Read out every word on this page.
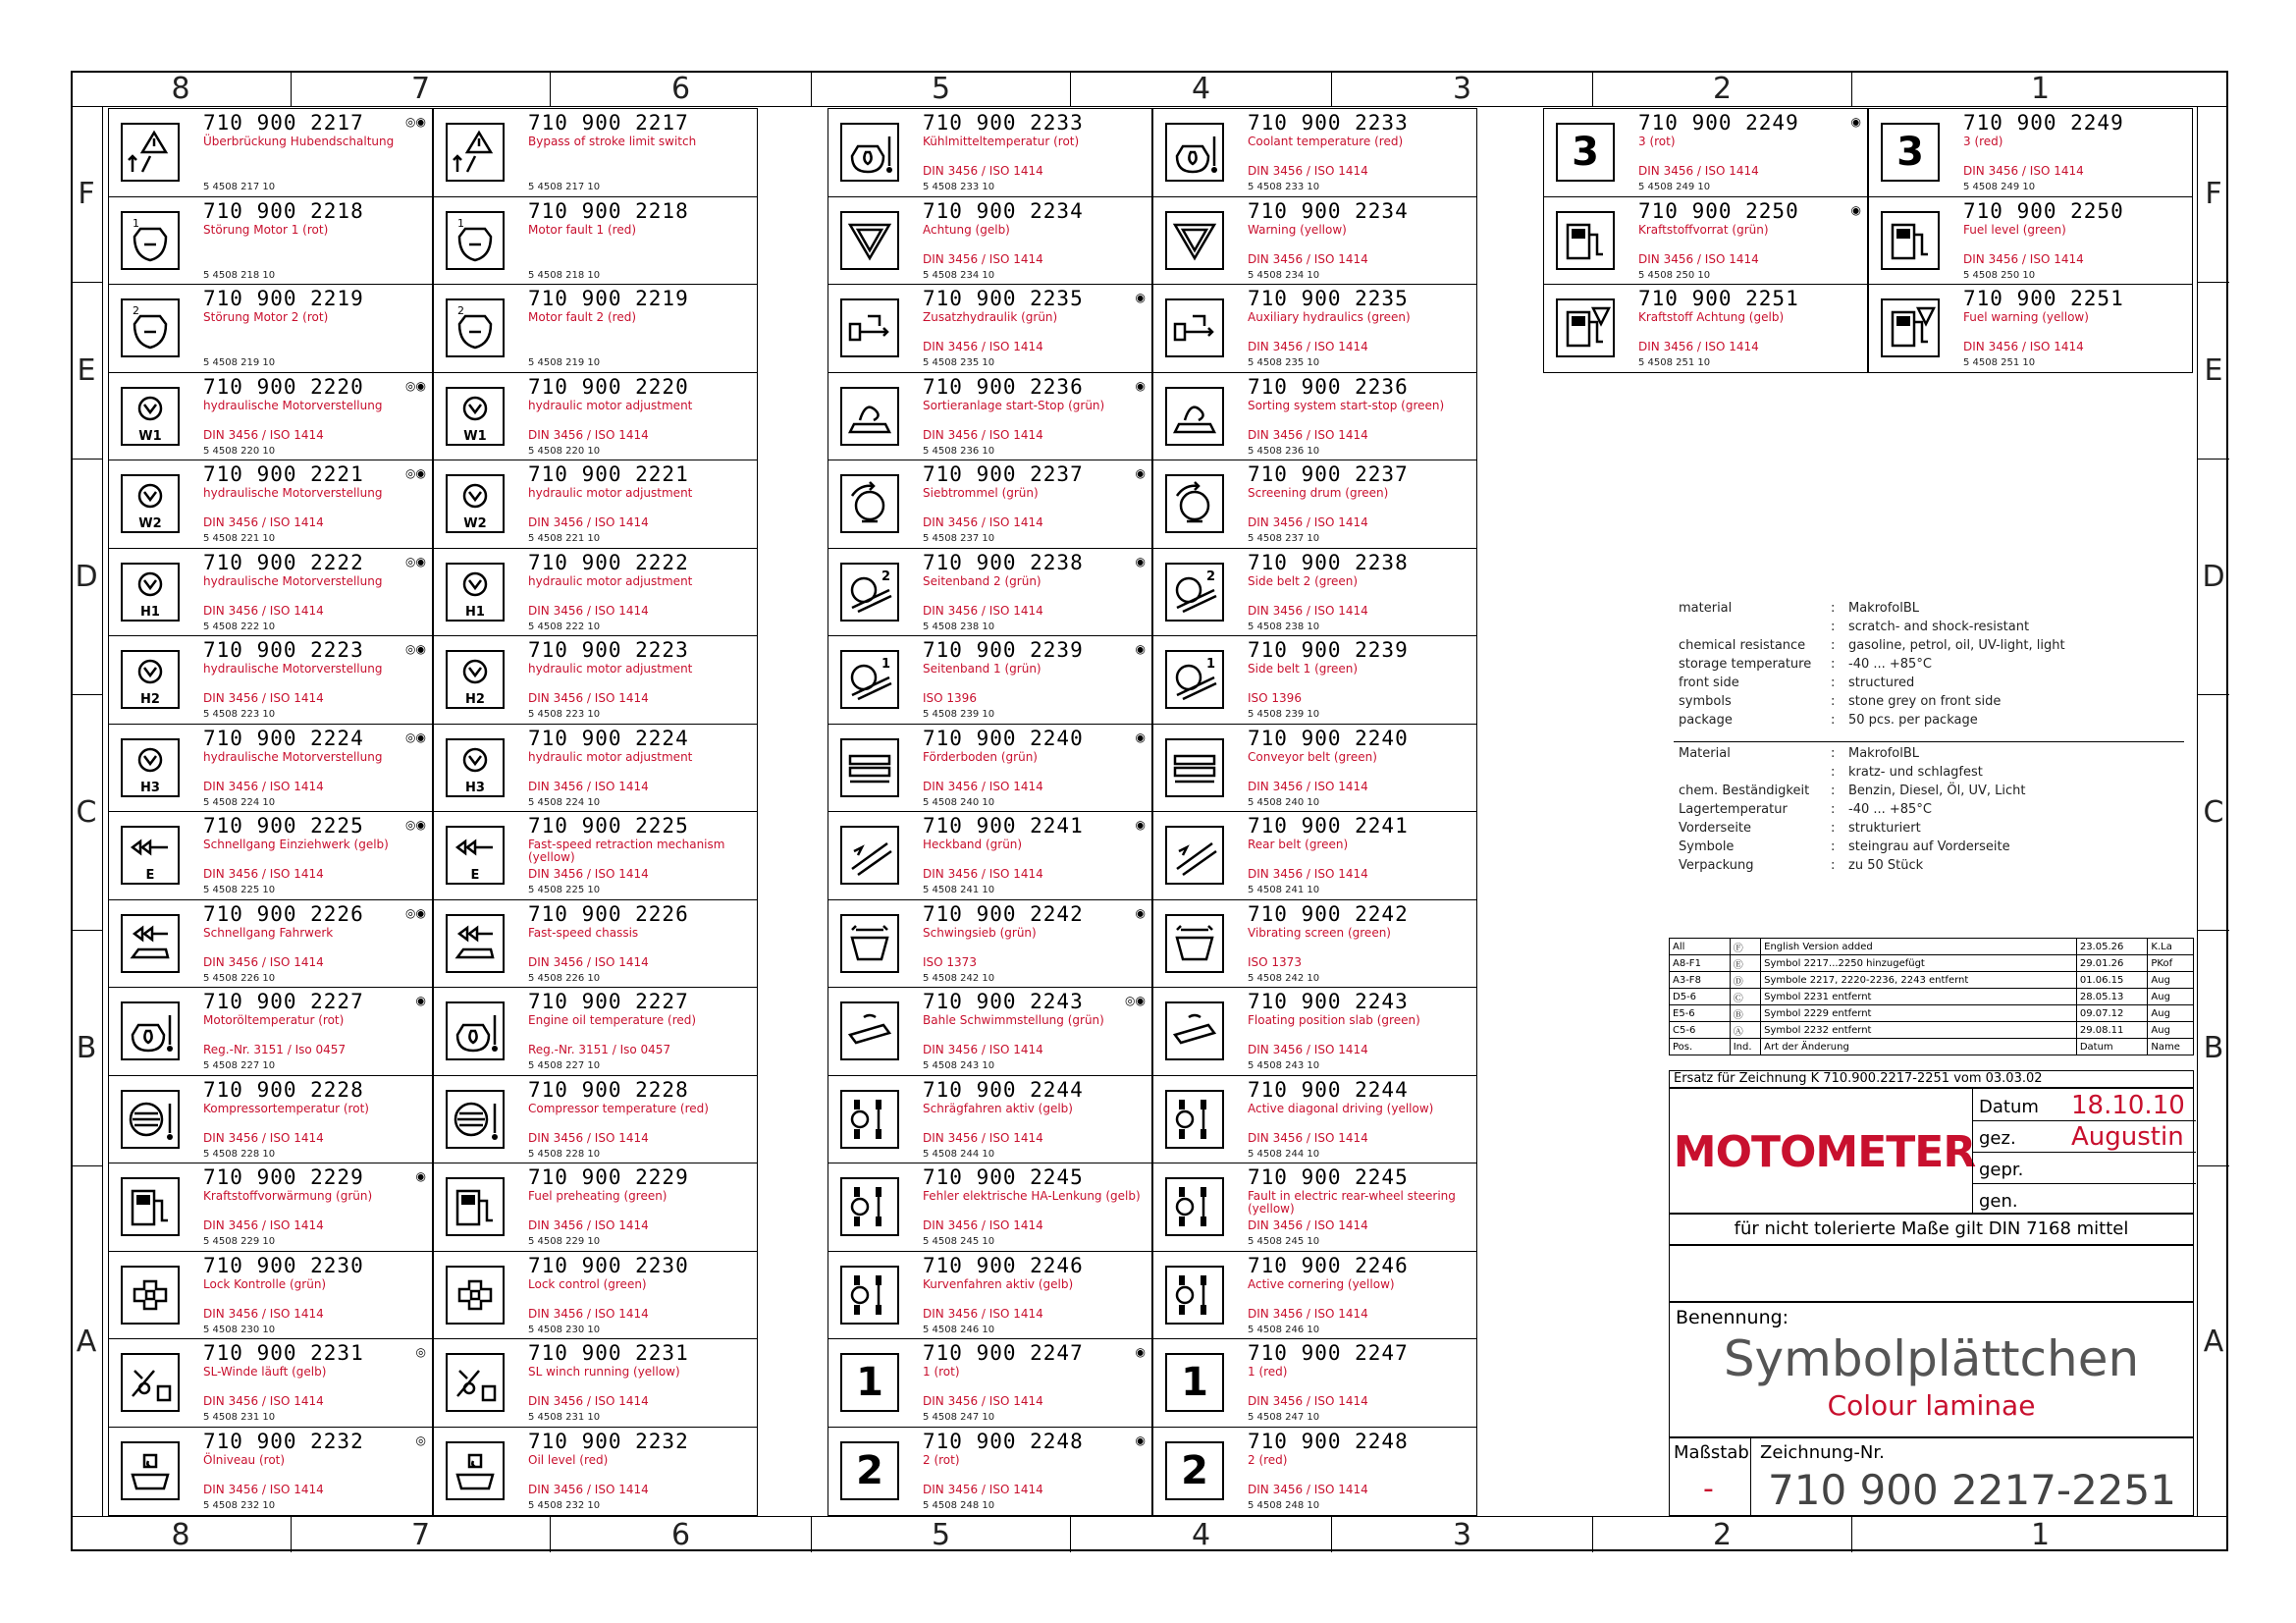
8	7	6	5	4	3	2	1
8	7	6	5	4	3	2	1
F
E
D
C
B
A
F
E
D
C
B
A
710 900 2217	◎◉
Überbrückung Hubendschaltung
5 4508 217 10
1
710 900 2218
Störung Motor 1 (rot)
5 4508 218 10
2
710 900 2219
Störung Motor 2 (rot)
5 4508 219 10
W1
710 900 2220	◎◉
hydraulische Motorverstellung
DIN 3456 / ISO 1414
5 4508 220 10
W2
710 900 2221	◎◉
hydraulische Motorverstellung
DIN 3456 / ISO 1414
5 4508 221 10
H1
710 900 2222	◎◉
hydraulische Motorverstellung
DIN 3456 / ISO 1414
5 4508 222 10
H2
710 900 2223	◎◉
hydraulische Motorverstellung
DIN 3456 / ISO 1414
5 4508 223 10
H3
710 900 2224	◎◉
hydraulische Motorverstellung
DIN 3456 / ISO 1414
5 4508 224 10
E
710 900 2225	◎◉
Schnellgang Einziehwerk (gelb)
DIN 3456 / ISO 1414
5 4508 225 10
710 900 2226	◎◉
Schnellgang Fahrwerk
DIN 3456 / ISO 1414
5 4508 226 10
710 900 2227	◉
Motoröltemperatur (rot)
Reg.-Nr. 3151 / Iso 0457
5 4508 227 10
710 900 2228
Kompressortemperatur (rot)
DIN 3456 / ISO 1414
5 4508 228 10
710 900 2229	◉
Kraftstoffvorwärmung (grün)
DIN 3456 / ISO 1414
5 4508 229 10
710 900 2230
Lock Kontrolle (grün)
DIN 3456 / ISO 1414
5 4508 230 10
710 900 2231	◎
SL-Winde läuft (gelb)
DIN 3456 / ISO 1414
5 4508 231 10
710 900 2232	◎
Ölniveau (rot)
DIN 3456 / ISO 1414
5 4508 232 10
710 900 2217
Bypass of stroke limit switch
5 4508 217 10
1
710 900 2218
Motor fault 1 (red)
5 4508 218 10
2
710 900 2219
Motor fault 2 (red)
5 4508 219 10
W1
710 900 2220
hydraulic motor adjustment
DIN 3456 / ISO 1414
5 4508 220 10
W2
710 900 2221
hydraulic motor adjustment
DIN 3456 / ISO 1414
5 4508 221 10
H1
710 900 2222
hydraulic motor adjustment
DIN 3456 / ISO 1414
5 4508 222 10
H2
710 900 2223
hydraulic motor adjustment
DIN 3456 / ISO 1414
5 4508 223 10
H3
710 900 2224
hydraulic motor adjustment
DIN 3456 / ISO 1414
5 4508 224 10
E
710 900 2225
Fast-speed retraction mechanism (yellow)
DIN 3456 / ISO 1414
5 4508 225 10
710 900 2226
Fast-speed chassis
DIN 3456 / ISO 1414
5 4508 226 10
710 900 2227
Engine oil temperature (red)
Reg.-Nr. 3151 / Iso 0457
5 4508 227 10
710 900 2228
Compressor temperature (red)
DIN 3456 / ISO 1414
5 4508 228 10
710 900 2229
Fuel preheating (green)
DIN 3456 / ISO 1414
5 4508 229 10
710 900 2230
Lock control (green)
DIN 3456 / ISO 1414
5 4508 230 10
710 900 2231
SL winch running (yellow)
DIN 3456 / ISO 1414
5 4508 231 10
710 900 2232
Oil level (red)
DIN 3456 / ISO 1414
5 4508 232 10
710 900 2233
Kühlmitteltemperatur (rot)
DIN 3456 / ISO 1414
5 4508 233 10
710 900 2234
Achtung (gelb)
DIN 3456 / ISO 1414
5 4508 234 10
710 900 2235	◉
Zusatzhydraulik (grün)
DIN 3456 / ISO 1414
5 4508 235 10
710 900 2236	◉
Sortieranlage start-Stop (grün)
DIN 3456 / ISO 1414
5 4508 236 10
710 900 2237	◉
Siebtrommel (grün)
DIN 3456 / ISO 1414
5 4508 237 10
2
710 900 2238	◉
Seitenband 2 (grün)
DIN 3456 / ISO 1414
5 4508 238 10
1
710 900 2239	◉
Seitenband 1 (grün)
ISO 1396
5 4508 239 10
710 900 2240	◉
Förderboden (grün)
DIN 3456 / ISO 1414
5 4508 240 10
710 900 2241	◉
Heckband (grün)
DIN 3456 / ISO 1414
5 4508 241 10
710 900 2242	◉
Schwingsieb (grün)
ISO 1373
5 4508 242 10
710 900 2243	◎◉
Bahle Schwimmstellung (grün)
DIN 3456 / ISO 1414
5 4508 243 10
710 900 2244
Schrägfahren aktiv (gelb)
DIN 3456 / ISO 1414
5 4508 244 10
710 900 2245
Fehler elektrische HA-Lenkung (gelb)
DIN 3456 / ISO 1414
5 4508 245 10
710 900 2246
Kurvenfahren aktiv (gelb)
DIN 3456 / ISO 1414
5 4508 246 10
1
710 900 2247	◉
1 (rot)
DIN 3456 / ISO 1414
5 4508 247 10
2
710 900 2248	◉
2 (rot)
DIN 3456 / ISO 1414
5 4508 248 10
710 900 2233
Coolant temperature (red)
DIN 3456 / ISO 1414
5 4508 233 10
710 900 2234
Warning (yellow)
DIN 3456 / ISO 1414
5 4508 234 10
710 900 2235
Auxiliary hydraulics (green)
DIN 3456 / ISO 1414
5 4508 235 10
710 900 2236
Sorting system start-stop (green)
DIN 3456 / ISO 1414
5 4508 236 10
710 900 2237
Screening drum (green)
DIN 3456 / ISO 1414
5 4508 237 10
2
710 900 2238
Side belt 2 (green)
DIN 3456 / ISO 1414
5 4508 238 10
1
710 900 2239
Side belt 1 (green)
ISO 1396
5 4508 239 10
710 900 2240
Conveyor belt (green)
DIN 3456 / ISO 1414
5 4508 240 10
710 900 2241
Rear belt (green)
DIN 3456 / ISO 1414
5 4508 241 10
710 900 2242
Vibrating screen (green)
ISO 1373
5 4508 242 10
710 900 2243
Floating position slab (green)
DIN 3456 / ISO 1414
5 4508 243 10
710 900 2244
Active diagonal driving (yellow)
DIN 3456 / ISO 1414
5 4508 244 10
710 900 2245
Fault in electric rear-wheel steering (yellow)
DIN 3456 / ISO 1414
5 4508 245 10
710 900 2246
Active cornering (yellow)
DIN 3456 / ISO 1414
5 4508 246 10
1
710 900 2247
1 (red)
DIN 3456 / ISO 1414
5 4508 247 10
2
710 900 2248
2 (red)
DIN 3456 / ISO 1414
5 4508 248 10
3
710 900 2249	◉
3 (rot)
DIN 3456 / ISO 1414
5 4508 249 10
710 900 2250	◉
Kraftstoffvorrat (grün)
DIN 3456 / ISO 1414
5 4508 250 10
710 900 2251
Kraftstoff Achtung (gelb)
DIN 3456 / ISO 1414
5 4508 251 10
3
710 900 2249
3 (red)
DIN 3456 / ISO 1414
5 4508 249 10
710 900 2250
Fuel level (green)
DIN 3456 / ISO 1414
5 4508 250 10
710 900 2251
Fuel warning (yellow)
DIN 3456 / ISO 1414
5 4508 251 10
material	: MakrofolBL
: scratch- and shock-resistant
chemical resistance : gasoline, petrol, oil, UV-light, light
storage temperature : -40 ... +85°C
front side	: structured
symbols	: stone grey on front side
package	: 50 pcs. per package
Material	: MakrofolBL
: kratz- und schlagfest
chem. Beständigkeit : Benzin, Diesel, Öl, UV, Licht
Lagertemperatur	: -40 ... +85°C
Vorderseite	: strukturiert
Symbole	: steingrau auf Vorderseite
Verpackung	: zu 50 Stück
All	Ⓕ	English Version added	23.05.26	K.La
A8-F1	Ⓔ	Symbol 2217...2250 hinzugefügt	29.01.26	PKof
A3-F8	Ⓓ	Symbole 2217, 2220-2236, 2243 entfernt	01.06.15	Aug
D5-6	Ⓒ	Symbol 2231 entfernt	28.05.13	Aug
E5-6	Ⓑ	Symbol 2229 entfernt	09.07.12	Aug
C5-6	Ⓐ	Symbol 2232 entfernt	29.08.11	Aug
Pos.	Ind.	Art der Änderung	Datum	Name
Ersatz für Zeichnung K 710.900.2217-2251 vom 03.03.02
MOTOMETER
Datum 18.10.10
gez. Augustin
gepr.
gen.
für nicht tolerierte Maße gilt DIN 7168 mittel
Benennung:
Symbolplättchen
Colour laminae
Maßstab
-
Zeichnung-Nr.
710 900 2217-2251
